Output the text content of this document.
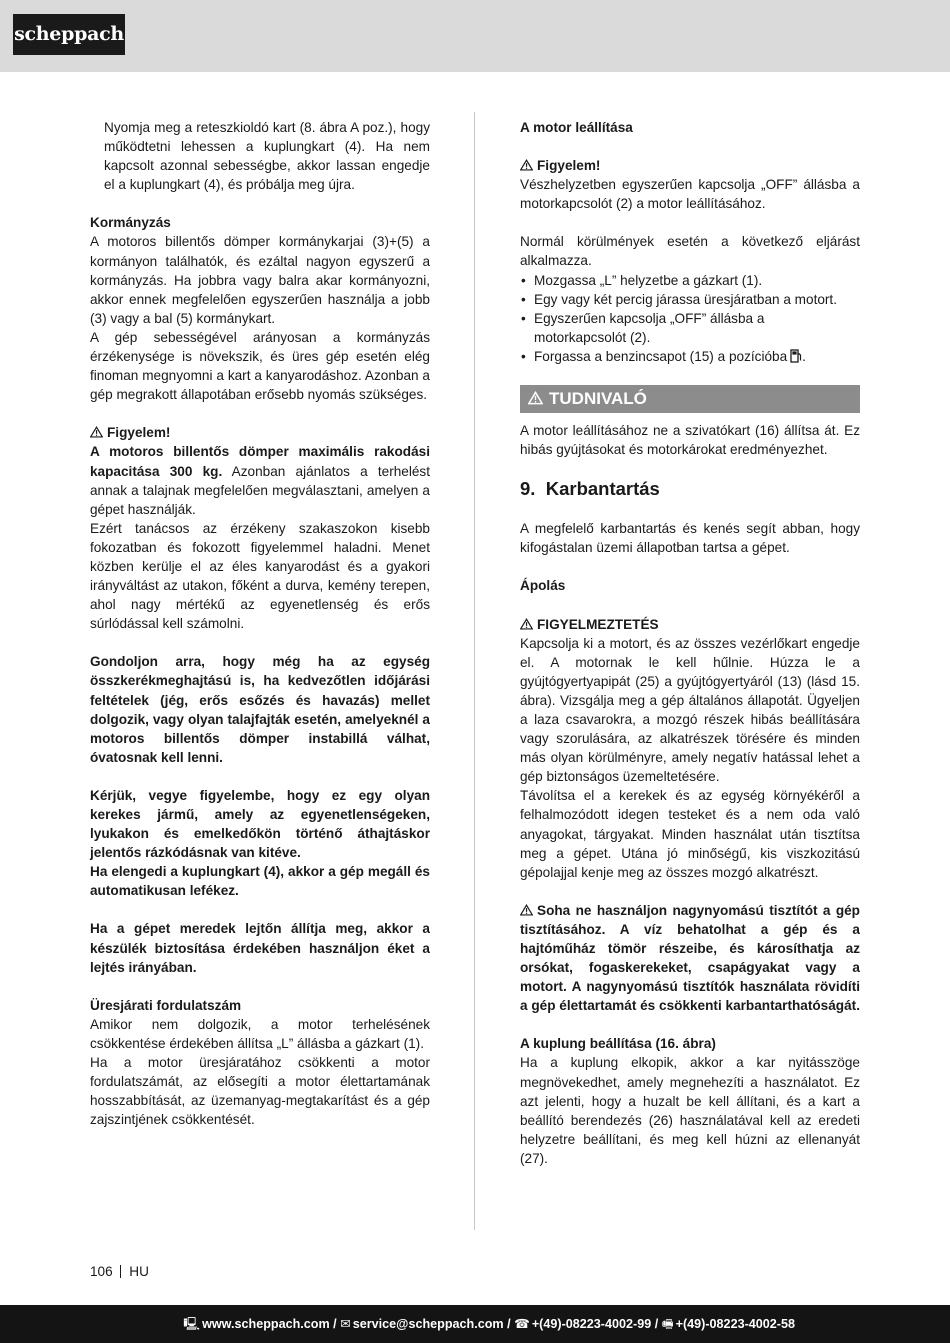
scheppach

Nyomja meg a reteszkioldó kart (8. ábra A poz.), hogy működtetni lehessen a kuplungkart (4). Ha nem kapcsolt azonnal sebességbe, akkor lassan engedje el a kuplungkart (4), és próbálja meg újra.

Kormányzás

A motoros billentős dömper kormánykarjai (3)+(5) a kormányon találhatók, és ezáltal nagyon egyszerű a kormányzás. Ha jobbra vagy balra akar kormányozni, akkor ennek megfelelően egyszerűen használja a jobb (3) vagy a bal (5) kormánykart.

A gép sebességével arányosan a kormányzás érzékenysége is növekszik, és üres gép esetén elég finoman megnyomni a kart a kanyarodáshoz. Azonban a gép megrakott állapotában erősebb nyomás szükséges.

Figyelem!

A motoros billentős dömper maximális rakodási kapacitása 300 kg. Azonban ajánlatos a terhelést annak a talajnak megfelelően megválasztani, amelyen a gépet használják.

Ezért tanácsos az érzékeny szakaszokon kisebb fokozatban és fokozott figyelemmel haladni. Menet közben kerülje el az éles kanyarodást és a gyakori irányváltást az utakon, főként a durva, kemény terepen, ahol nagy mértékű az egyenetlenség és erős súrlódással kell számolni.

Gondoljon arra, hogy még ha az egység összkerékmeghajtású is, ha kedvezőtlen időjárási feltételek (jég, erős esőzés és havazás) mellet dolgozik, vagy olyan talajfajták esetén, amelyeknél a motoros billentős dömper instabillá válhat, óvatosnak kell lenni.

Kérjük, vegye figyelembe, hogy ez egy olyan kerekes jármű, amely az egyenetlenségeken, lyukakon és emelkedőkön történő áthajtáskor jelentős rázkódásnak van kitéve.

Ha elengedi a kuplungkart (4), akkor a gép megáll és automatikusan lefékez.

Ha a gépet meredek lejtőn állítja meg, akkor a készülék biztosítása érdekében használjon éket a lejtés irányában.

Üresjárati fordulatszám

Amikor nem dolgozik, a motor terhelésének csökkentése érdekében állítsa „L” állásba a gázkart (1).

Ha a motor üresjáratához csökkenti a motor fordulatszámát, az elősegíti a motor élettartamának hosszabbítását, az üzemanyag-megtakarítást és a gép zajszintjének csökkentését.

A motor leállítása

Figyelem!

Vészhelyzetben egyszerűen kapcsolja „OFF” állásba a motorkapcsolót (2) a motor leállításához.

Normál körülmények esetén a következő eljárást alkalmazza.

• Mozgassa „L” helyzetbe a gázkart (1).
• Egy vagy két percig járassa üresjáratban a motort.
• Egyszerűen kapcsolja „OFF” állásba a motorkapcsolót (2).
• Forgassa a benzincsapot (15) a pozícióba .
TUDNIVALÓ

A motor leállításához ne a szivatókart (16) állítsa át. Ez hibás gyújtásokat és motorkárokat eredményezhet.

9. Karbantartás

A megfelelő karbantartás és kenés segít abban, hogy kifogástalan üzemi állapotban tartsa a gépet.

Ápolás

FIGYELMEZTETÉS

Kapcsolja ki a motort, és az összes vezérlőkart engedje el. A motornak le kell hűlnie. Húzza le a gyújtógyertyapipát (25) a gyújtógyertyáról (13) (lásd 15. ábra). Vizsgálja meg a gép általános állapotát. Ügyeljen a laza csavarokra, a mozgó részek hibás beállítására vagy szorulására, az alkatrészek törésére és minden más olyan körülményre, amely negatív hatással lehet a gép biztonságos üzemeltetésére.

Távolítsa el a kerekek és az egység környékéről a felhalmozódott idegen testeket és a nem oda való anyagokat, tárgyakat. Minden használat után tisztítsa meg a gépet. Utána jó minőségű, kis viszkozitású gépolajjal kenje meg az összes mozgó alkatrészt.

Soha ne használjon nagynyomású tisztítót a gép tisztításához. A víz behatolhat a gép és a hajtóműház tömör részeibe, és károsíthatja az orsókat, fogaskerekeket, csapágyakat vagy a motort. A nagynyomású tisztítók használata rövidíti a gép élettartamát és csökkenti karbantarthatóságát.

A kuplung beállítása (16. ábra)

Ha a kuplung elkopik, akkor a kar nyitásszöge megnövekedhet, amely megnehezíti a használatot. Ez azt jelenti, hogy a huzalt be kell állítani, és a kart a beállító berendezés (26) használatával kell az eredeti helyzetre beállítani, és meg kell húzni az ellenanyát (27).

106 HU
🖳 www.scheppach.com / ✉ service@scheppach.com / ☎ +(49)-08223-4002-99 / 🖷 +(49)-08223-4002-58
